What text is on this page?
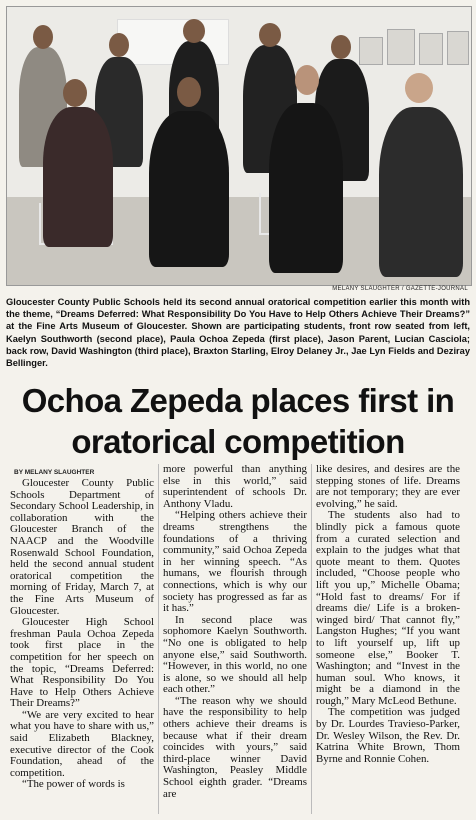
MELANY SLAUGHTER / GAZETTE-JOURNAL
Gloucester County Public Schools held its second annual oratorical competition earlier this month with the theme, “Dreams Deferred: What Responsibility Do You Have to Help Others Achieve Their Dreams?” at the Fine Arts Museum of Gloucester. Shown are participating students, front row seated from left, Kaelyn Southworth (second place), Paula Ochoa Zepeda (first place), Jason Parent, Lucian Casciola; back row, David Washington (third place), Braxton Starling, Elroy Delaney Jr., Jae Lyn Fields and Deziray Bellinger.
Ochoa Zepeda places first in oratorical competition
BY MELANY SLAUGHTER

Gloucester County Public Schools Department of Secondary School Leadership, in collaboration with the Gloucester Branch of the NAACP and the Woodville Rosenwald School Foundation, held the second annual student oratorical competition the morning of Friday, March 7, at the Fine Arts Museum of Gloucester.

Gloucester High School freshman Paula Ochoa Zepeda took first place in the competition for her speech on the topic, “Dreams Deferred: What Responsibility Do You Have to Help Others Achieve Their Dreams?”

“We are very excited to hear what you have to share with us,” said Elizabeth Blackney, executive director of the Cook Foundation, ahead of the competition.

“The power of words is

more powerful than anything else in this world,” said superintendent of schools Dr. Anthony Vladu.

“Helping others achieve their dreams strengthens the foundations of a thriving community,” said Ochoa Zepeda in her winning speech. “As humans, we flourish through connections, which is why our society has progressed as far as it has.”

In second place was sophomore Kaelyn Southworth. “No one is obligated to help anyone else,” said Southworth. “However, in this world, no one is alone, so we should all help each other.”

“The reason why we should have the responsibility to help others achieve their dreams is because what if their dream coincides with yours,” said third-place winner David Washington, Peasley Middle School eighth grader. “Dreams are

like desires, and desires are the stepping stones of life. Dreams are not temporary; they are ever evolving,” he said.

The students also had to blindly pick a famous quote from a curated selection and explain to the judges what that quote meant to them. Quotes included, “Choose people who lift you up,” Michelle Obama; “Hold fast to dreams/ For if dreams die/ Life is a broken-winged bird/ That cannot fly,” Langston Hughes; “If you want to lift yourself up, lift up someone else,” Booker T. Washington; and “Invest in the human soul. Who knows, it might be a diamond in the rough,” Mary McLeod Bethune.

The competition was judged by Dr. Lourdes Travieso-Parker, Dr. Wesley Wilson, the Rev. Dr. Katrina White Brown, Thom Byrne and Ronnie Cohen.
